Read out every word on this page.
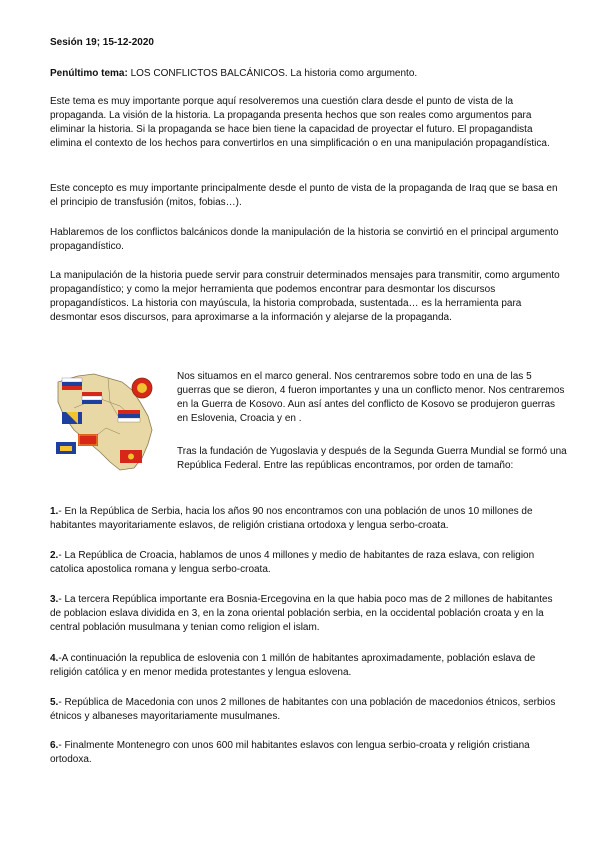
Sesión 19; 15-12-2020

Penúltimo tema: LOS CONFLICTOS BALCÁNICOS. La historia como argumento.

Este tema es muy importante porque aquí resolveremos una cuestión clara desde el punto de vista de la propaganda. La visión de la historia. La propaganda presenta hechos que son reales como argumentos para eliminar la historia. Si la propaganda se hace bien tiene la capacidad de proyectar el futuro. El propagandista elimina el contexto de los hechos para convertirlos en una simplificación o en una manipulación propagandística.

Este concepto es muy importante principalmente desde el punto de vista de la propaganda de Iraq que se basa en el principio de transfusión (mitos, fobias…).

Hablaremos de los conflictos balcánicos donde la manipulación de la historia se convirtió en el principal argumento propagandístico.

La manipulación de la historia puede servir para construir determinados mensajes para transmitir, como argumento propagandístico; y como la mejor herramienta que podemos encontrar para desmontar los discursos propagandísticos. La historia con mayúscula, la historia comprobada, sustentada… es la herramienta para desmontar esos discursos, para aproximarse a la información y alejarse de la propaganda.

Nos situamos en el marco general. Nos centraremos sobre todo en una de las 5 guerras que se dieron, 4 fueron importantes y una un conflicto menor. Nos centraremos en la Guerra de Kosovo. Aun así antes del conflicto de Kosovo se produjeron guerras en Eslovenia, Croacia y en .

Tras la fundación de Yugoslavia y después de la Segunda Guerra Mundial se formó una República Federal. Entre las repúblicas encontramos, por orden de tamaño:

1.- En la República de Serbia, hacia los años 90 nos encontramos con una población de unos 10 millones de habitantes mayoritariamente eslavos, de religión cristiana ortodoxa y lengua serbo-croata.

2.- La República de Croacia, hablamos de unos 4 millones y medio de habitantes de raza eslava, con religion catolica apostolica romana y lengua serbo-croata.

3.- La tercera República importante era Bosnia-Ercegovina en la que habia poco mas de 2 millones de habitantes de poblacion eslava dividida en 3, en la zona oriental población serbia, en la occidental población croata y en la central población musulmana y tenian como religion el islam.

4.-A continuación la republica de eslovenia con 1 millón de habitantes aproximadamente, población eslava de religión católica y en menor medida protestantes y lengua eslovena.

5.- República de Macedonia con unos 2 millones de habitantes con una población de macedonios étnicos, serbios étnicos y albaneses mayoritariamente musulmanes.

6.- Finalmente Montenegro con unos 600 mil habitantes eslavos con lengua serbio-croata y religión cristiana ortodoxa.
